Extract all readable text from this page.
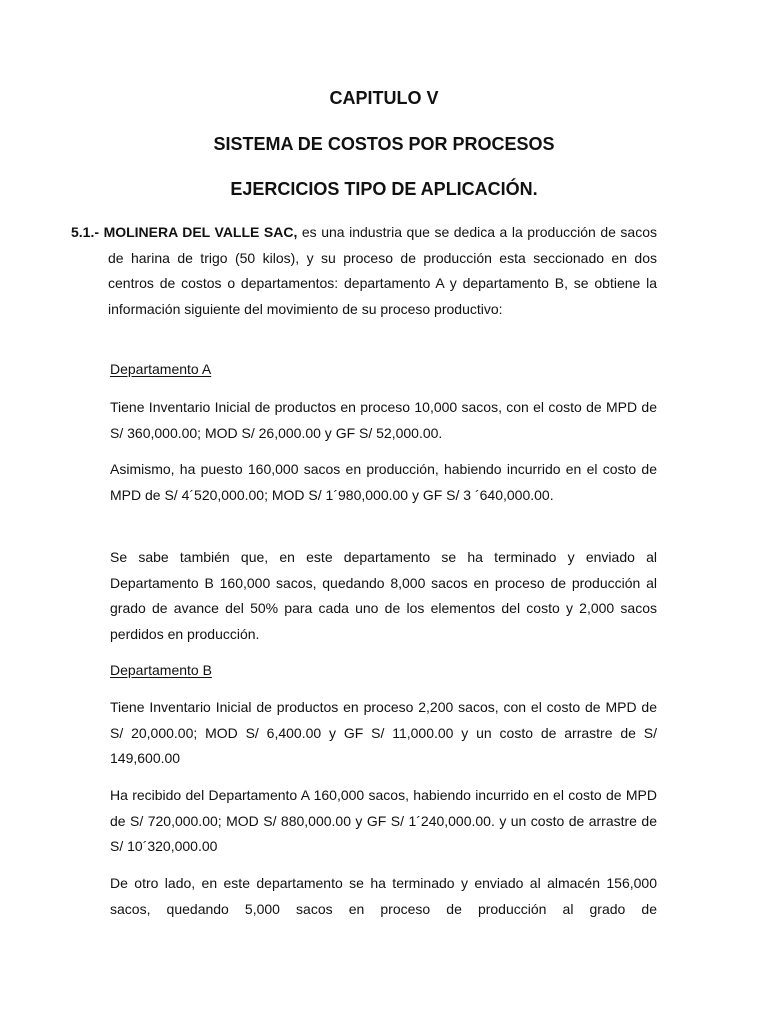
CAPITULO V
SISTEMA DE COSTOS POR PROCESOS
EJERCICIOS TIPO DE APLICACIÓN.

5.1.- MOLINERA DEL VALLE SAC, es una industria que se dedica a la producción de sacos de harina de trigo (50 kilos), y su proceso de producción esta seccionado en dos centros de costos o departamentos: departamento A y departamento B, se obtiene la información siguiente del movimiento de su proceso productivo:

Departamento A

Tiene Inventario Inicial de productos en proceso 10,000 sacos, con el costo de MPD de S/ 360,000.00; MOD S/ 26,000.00 y GF S/ 52,000.00.

Asimismo, ha puesto 160,000 sacos en producción, habiendo incurrido en el costo de MPD de S/ 4´520,000.00; MOD S/ 1´980,000.00 y GF S/ 3 ´640,000.00.

Se sabe también que, en este departamento se ha terminado y enviado al Departamento B 160,000 sacos, quedando 8,000 sacos en proceso de producción al grado de avance del 50% para cada uno de los elementos del costo y 2,000 sacos perdidos en producción.

Departamento B

Tiene Inventario Inicial de productos en proceso 2,200 sacos, con el costo de MPD de S/ 20,000.00; MOD S/ 6,400.00 y GF S/ 11,000.00 y un costo de arrastre de S/ 149,600.00

Ha recibido del Departamento A 160,000 sacos, habiendo incurrido en el costo de MPD de S/ 720,000.00; MOD S/ 880,000.00 y GF S/ 1´240,000.00. y un costo de arrastre de S/ 10´320,000.00

De otro lado, en este departamento se ha terminado y enviado al almacén 156,000 sacos, quedando 5,000 sacos en proceso de producción al grado de
